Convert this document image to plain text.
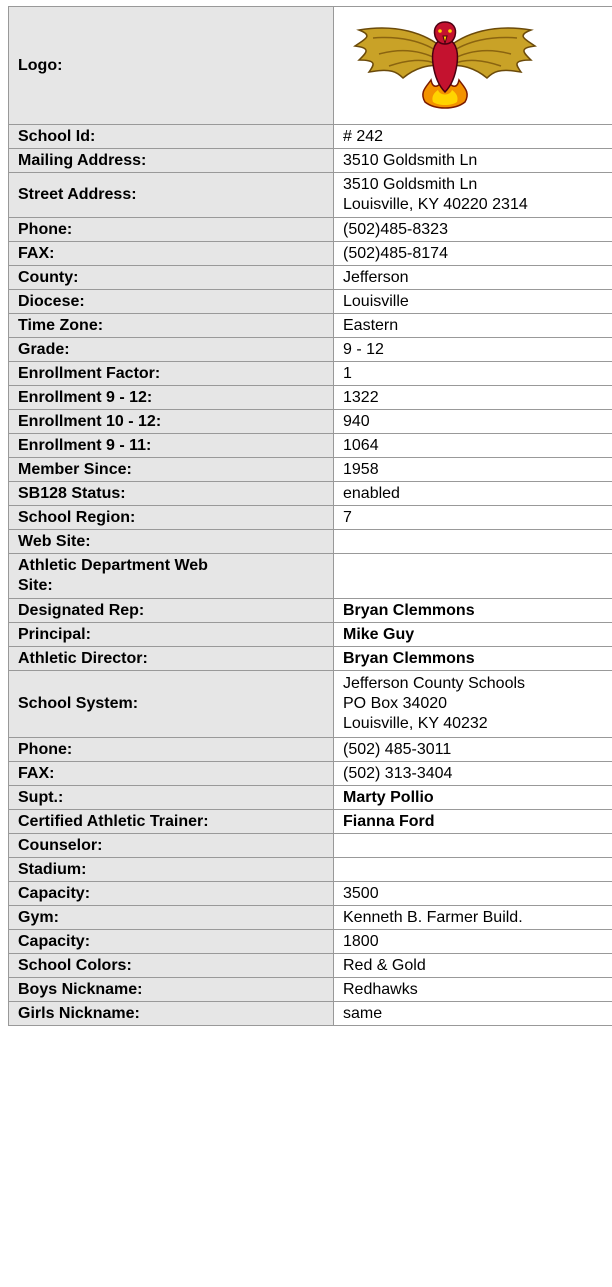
Logo:	

School Id:	# 242
Mailing Address:	3510 Goldsmith Ln
Street Address:	3510 Goldsmith Ln
Louisville, KY 40220 2314

Phone:	(502)485-8323
FAX:	(502)485-8174
County:	Jefferson
Diocese:	Louisville
Time Zone:	Eastern
Grade:	9 - 12
Enrollment Factor:	1
Enrollment 9 - 12:	1322
Enrollment 10 - 12:	940
Enrollment 9 - 11:	1064
Member Since:	1958
SB128 Status:	enabled
School Region:	7
Web Site:	

Athletic Department Web
Site:	

Designated Rep:	Bryan Clemmons
Principal:	Mike Guy
Athletic Director:	Bryan Clemmons
School System:	Jefferson County Schools
PO Box 34020
Louisville, KY 40232

Phone:	(502) 485-3011
FAX:	(502) 313-3404
Supt.:	Marty Pollio
Certified Athletic Trainer:	Fianna Ford
Counselor:	
Stadium:	
Capacity:	3500
Gym:	Kenneth B. Farmer Build.
Capacity:	1800
School Colors:	Red & Gold
Boys Nickname:	Redhawks
Girls Nickname:	same
